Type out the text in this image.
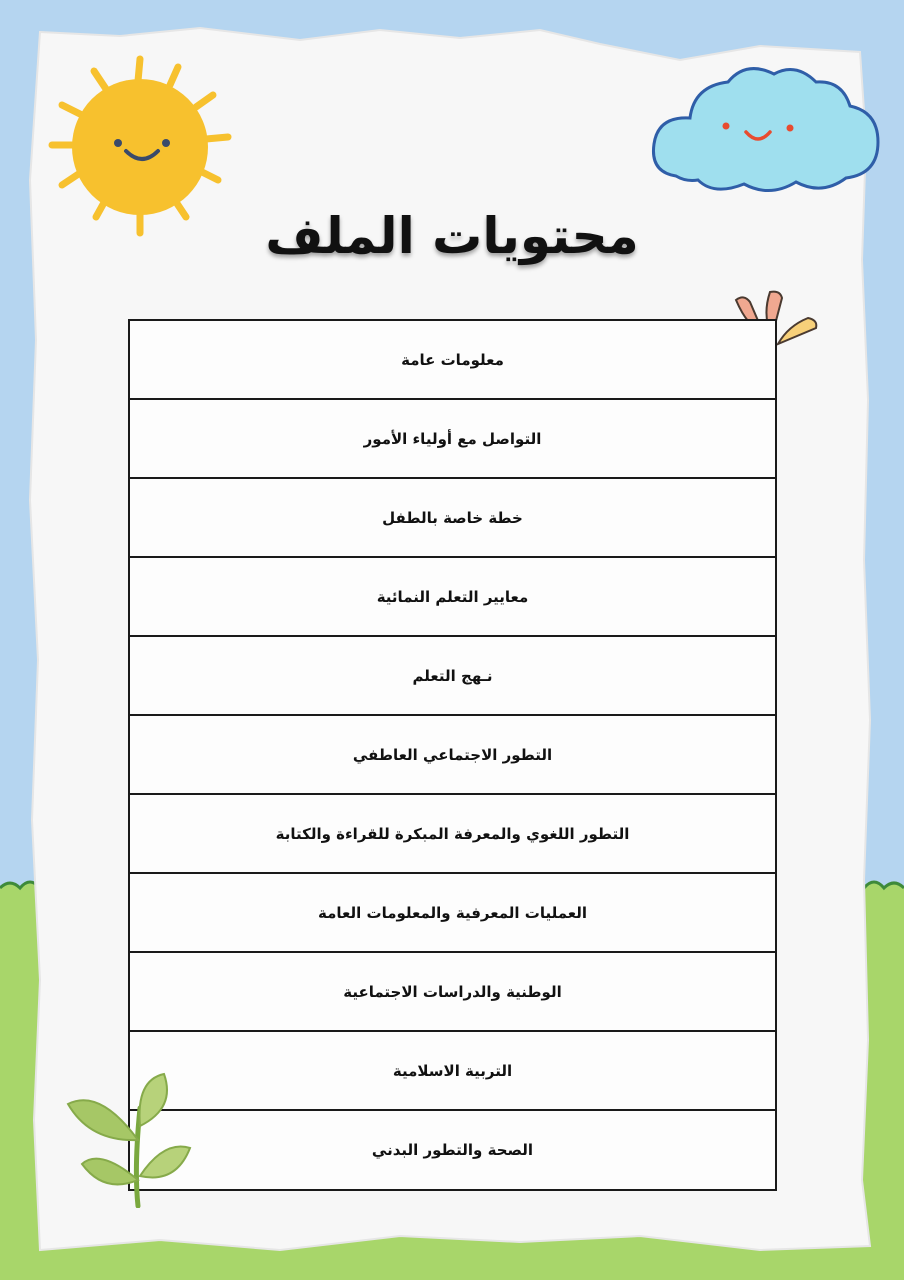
محتويات الملف
معلومات عامة
التواصل مع أولياء الأمور
خطة خاصة بالطفل
معايير التعلم النمائية
نـهج التعلم
التطور الاجتماعي العاطفي
التطور اللغوي والمعرفة المبكرة للقراءة والكتابة
العمليات المعرفية والمعلومات العامة
الوطنية والدراسات الاجتماعية
التربية الاسلامية
الصحة والتطور البدني
